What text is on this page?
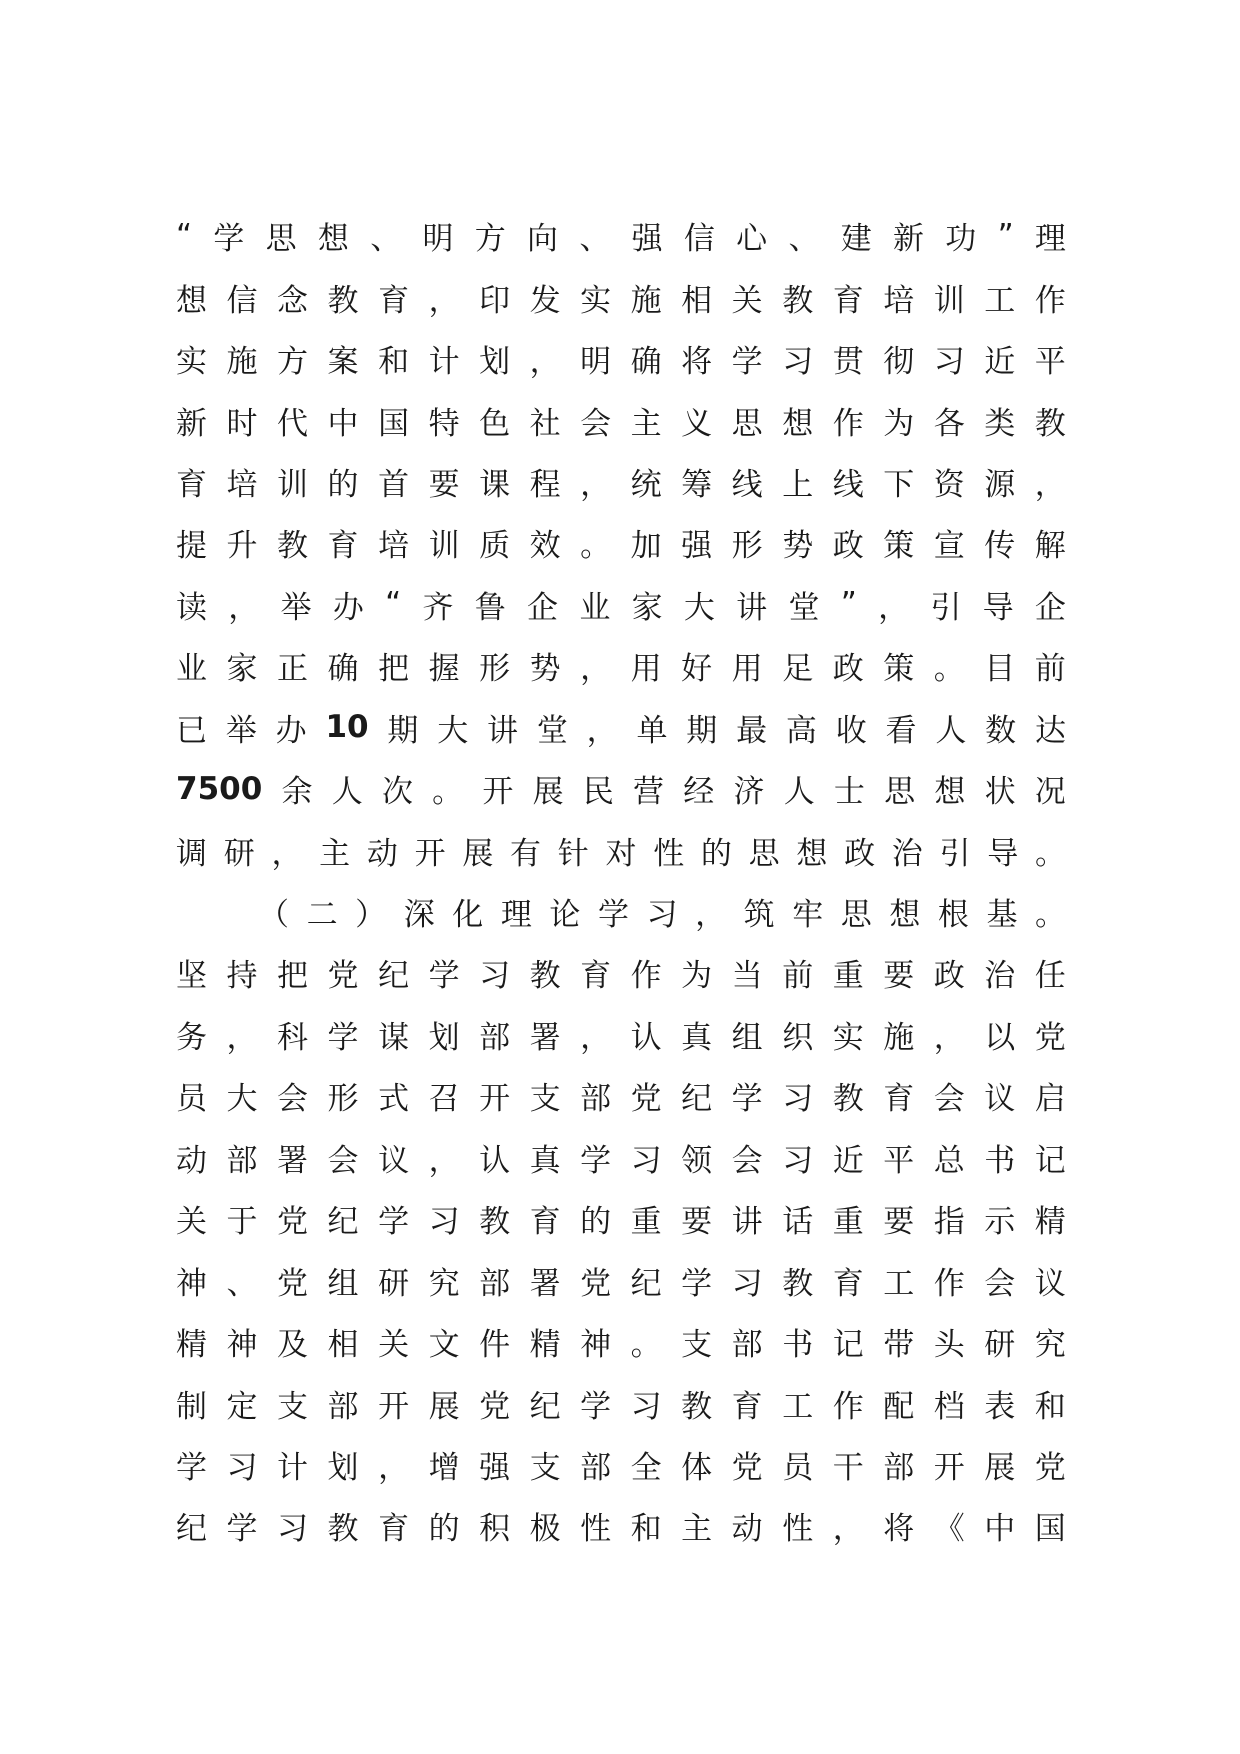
“ 学 思 想 、 明 方 向 、 强 信 心 、 建 新 功 ” 理
想 信 念 教 育 ， 印 发 实 施 相 关 教 育 培 训 工 作
实 施 方 案 和 计 划 ， 明 确 将 学 习 贯 彻 习 近 平
新 时 代 中 国 特 色 社 会 主 义 思 想 作 为 各 类 教
育 培 训 的 首 要 课 程 ， 统 筹 线 上 线 下 资 源 ，
提 升 教 育 培 训 质 效 。 加 强 形 势 政 策 宣 传 解
读 ， 举 办 “ 齐 鲁 企 业 家 大 讲 堂 ” ， 引 导 企
业 家 正 确 把 握 形 势 ， 用 好 用 足 政 策 。 目 前
已 举 办 10 期 大 讲 堂 ， 单 期 最 高 收 看 人 数 达
7500 余 人 次 。 开 展 民 营 经 济 人 士 思 想 状 况
调 研 ， 主 动 开 展 有 针 对 性 的 思 想 政 治 引 导 。
（ 二 ） 深 化 理 论 学 习 ， 筑 牢 思 想 根 基 。
坚 持 把 党 纪 学 习 教 育 作 为 当 前 重 要 政 治 任
务 ， 科 学 谋 划 部 署 ， 认 真 组 织 实 施 ， 以 党
员 大 会 形 式 召 开 支 部 党 纪 学 习 教 育 会 议 启
动 部 署 会 议 ， 认 真 学 习 领 会 习 近 平 总 书 记
关 于 党 纪 学 习 教 育 的 重 要 讲 话 重 要 指 示 精
神 、 党 组 研 究 部 署 党 纪 学 习 教 育 工 作 会 议
精 神 及 相 关 文 件 精 神 。 支 部 书 记 带 头 研 究
制 定 支 部 开 展 党 纪 学 习 教 育 工 作 配 档 表 和
学 习 计 划 ， 增 强 支 部 全 体 党 员 干 部 开 展 党
纪 学 习 教 育 的 积 极 性 和 主 动 性 ， 将 《 中 国
